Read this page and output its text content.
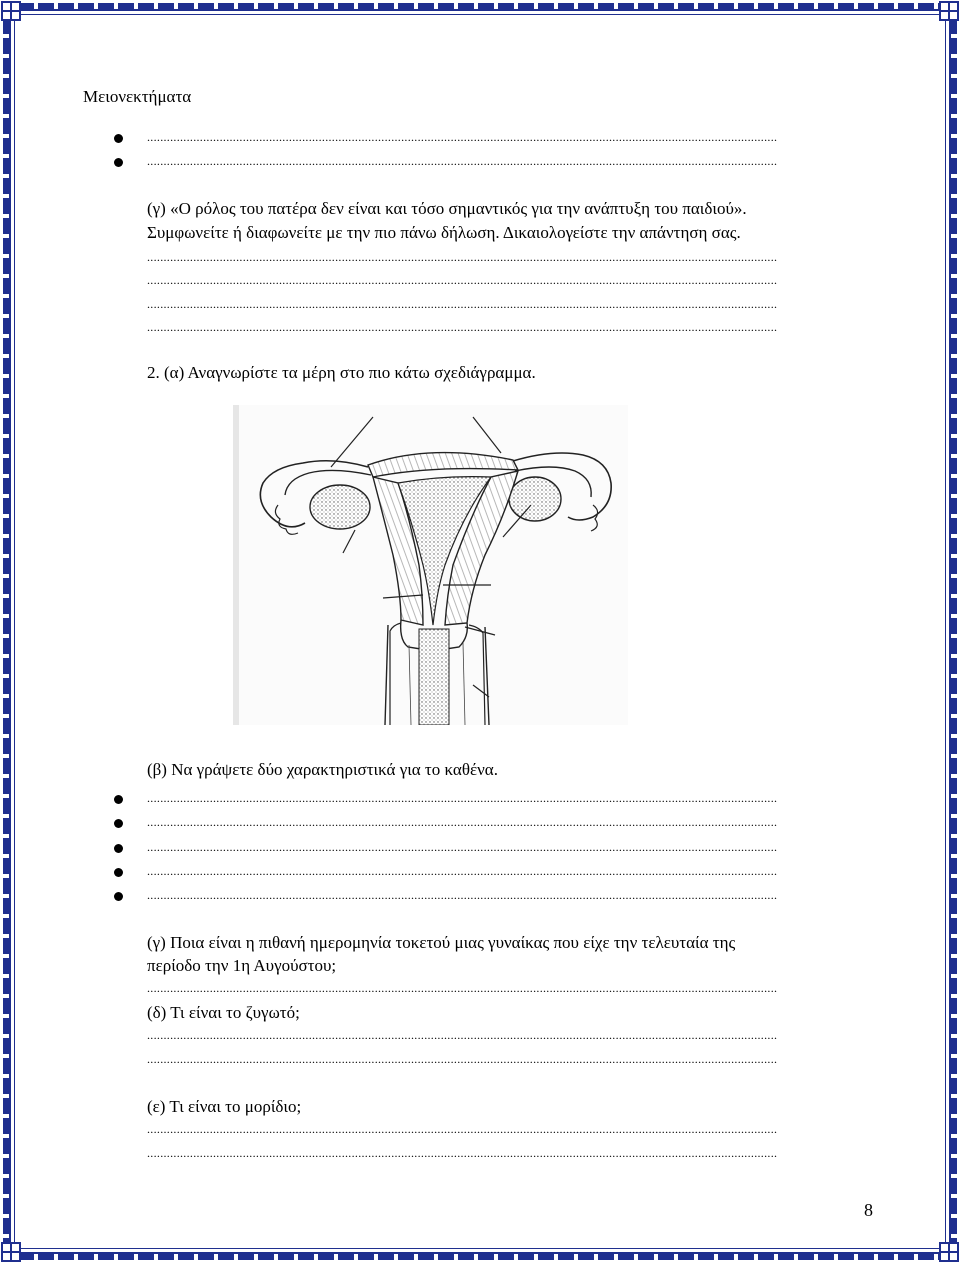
Μειονεκτήματα
...............................................................................................................................................................................................
...............................................................................................................................................................................................
(γ) «Ο ρόλος του πατέρα δεν είναι και τόσο σημαντικός για την ανάπτυξη του παιδιού».
Συμφωνείτε ή διαφωνείτε με την πιο πάνω δήλωση. Δικαιολογείστε την απάντηση σας.
...............................................................................................................................................................................................
...............................................................................................................................................................................................
...............................................................................................................................................................................................
...............................................................................................................................................................................................
2. (α) Αναγνωρίστε τα μέρη στο πιο κάτω σχεδιάγραμμα.
(β) Να γράψετε δύο χαρακτηριστικά για το καθένα.
...............................................................................................................................................................................................
...............................................................................................................................................................................................
...............................................................................................................................................................................................
...............................................................................................................................................................................................
...............................................................................................................................................................................................
(γ) Ποια είναι η πιθανή ημερομηνία τοκετού μιας γυναίκας που είχε την τελευταία της
περίοδο την 1η Αυγούστου;
...............................................................................................................................................................................................
(δ) Τι είναι το ζυγωτό;
...............................................................................................................................................................................................
...............................................................................................................................................................................................
(ε) Τι είναι το μορίδιο;
...............................................................................................................................................................................................
...............................................................................................................................................................................................
8
